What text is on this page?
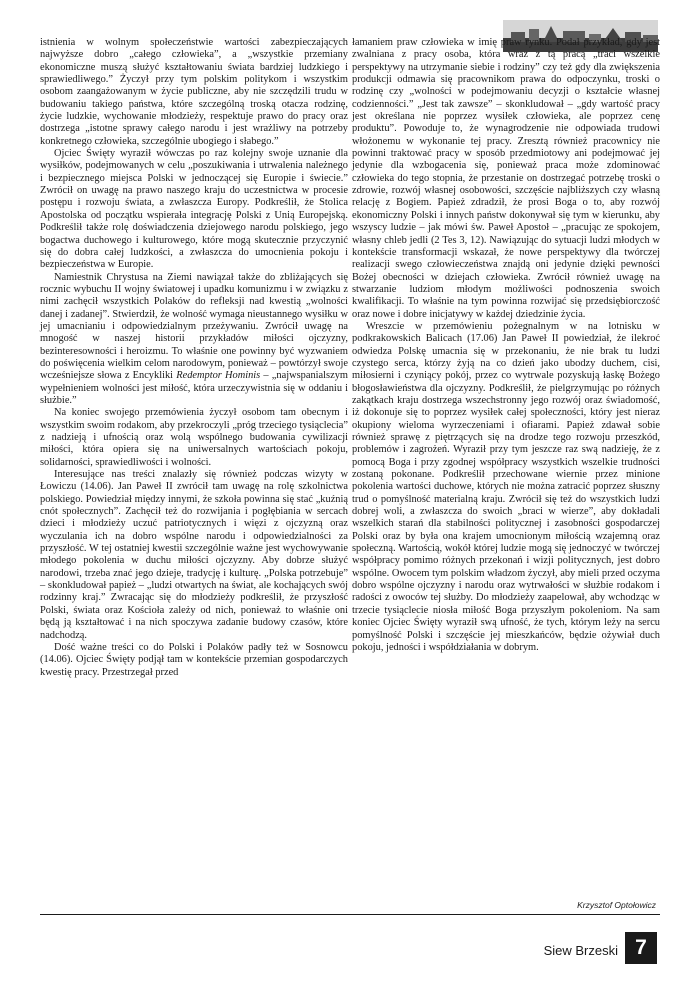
istnienia w wolnym społeczeństwie wartości zabezpieczających najwyższe dobro „całego człowieka”, a „wszystkie przemiany ekonomiczne muszą służyć kształtowaniu świata bardziej ludzkiego i sprawiedliwego.” Życzył przy tym polskim politykom i wszystkim osobom zaangażowanym w życie publiczne, aby nie szczędzili trudu w budowaniu takiego państwa, które szczególną troską otacza rodzinę, życie ludzkie, wychowanie młodzieży, respektuje prawo do pracy oraz dostrzega „istotne sprawy całego narodu i jest wrażliwy na potrzeby konkretnego człowieka, szczególnie ubogiego i słabego.”

Ojciec Święty wyraził wówczas po raz kolejny swoje uznanie dla wysiłków, podejmowanych w celu „poszukiwania i utrwalenia należnego i bezpiecznego miejsca Polski w jednoczącej się Europie i świecie.” Zwrócił on uwagę na prawo naszego kraju do uczestnictwa w procesie postępu i rozwoju świata, a zwłaszcza Europy. Podkreślił, że Stolica Apostolska od początku wspierała integrację Polski z Unią Europejską. Podkreślił także rolę doświadczenia dziejowego narodu polskiego, jego bogactwa duchowego i kulturowego, które mogą skutecznie przyczynić się do dobra całej ludzkości, a zwłaszcza do umocnienia pokoju i bezpieczeństwa w Europie.

Namiestnik Chrystusa na Ziemi nawiązał także do zbliżających się rocznic wybuchu II wojny światowej i upadku komunizmu i w związku z nimi zachęcił wszystkich Polaków do refleksji nad kwestią „wolności danej i zadanej”. Stwierdził, że wolność wymaga nieustannego wysiłku w jej umacnianiu i odpowiedzialnym przeżywaniu. Zwrócił uwagę na mnogość w naszej historii przykładów miłości ojczyzny, bezinteresowności i heroizmu. To właśnie one powinny być wyzwaniem do poświęcenia wielkim celom narodowym, ponieważ – powtórzył swoje wcześniejsze słowa z Encykliki Redemptor Hominis – „najwspanialszym wypełnieniem wolności jest miłość, która urzeczywistnia się w oddaniu i służbie.”

Na koniec swojego przemówienia życzył osobom tam obecnym i wszystkim swoim rodakom, aby przekroczyli „próg trzeciego tysiąclecia” z nadzieją i ufnością oraz wolą wspólnego budowania cywilizacji miłości, która opiera się na uniwersalnych wartościach pokoju, solidarności, sprawiedliwości i wolności.

Interesujące nas treści znalazły się również podczas wizyty w Łowiczu (14.06). Jan Paweł II zwrócił tam uwagę na rolę szkolnictwa polskiego. Powiedział między innymi, że szkoła powinna się stać „kuźnią cnót społecznych”. Zachęcił też do rozwijania i pogłębiania w sercach dzieci i młodzieży uczuć patriotycznych i więzi z ojczyzną oraz wyczulania ich na dobro wspólne narodu i odpowiedzialności za przyszłość. W tej ostatniej kwestii szczególnie ważne jest wychowywanie młodego pokolenia w duchu miłości ojczyzny. Aby dobrze służyć narodowi, trzeba znać jego dzieje, tradycję i kulturę. „Polska potrzebuje” – skonkludował papież – „ludzi otwartych na świat, ale kochających swój rodzinny kraj.” Zwracając się do młodzieży podkreślił, że przyszłość Polski, świata oraz Kościoła zależy od nich, ponieważ to właśnie oni będą ją kształtować i na nich spoczywa zadanie budowy czasów, które nadchodzą.

Dość ważne treści co do Polski i Polaków padły też w Sosnowcu (14.06). Ojciec Święty podjął tam w kontekście przemian gospodarczych kwestię pracy. Przestrzegał przed

łamaniem praw człowieka w imię praw rynku. Podał przykład, gdy jest zwalniana z pracy osoba, która wraz z tą pracą „traci wszelkie perspektywy na utrzymanie siebie i rodziny” czy też gdy dla zwiększenia produkcji odmawia się pracownikom prawa do odpoczynku, troski o rodzinę czy „wolności w podejmowaniu decyzji o kształcie własnej codzienności.” „Jest tak zawsze” – skonkludował – „gdy wartość pracy jest określana nie poprzez wysiłek człowieka, ale poprzez cenę produktu”. Powoduje to, że wynagrodzenie nie odpowiada trudowi włożonemu w wykonanie tej pracy. Zresztą również pracownicy nie powinni traktować pracy w sposób przedmiotowy ani podejmować jej jedynie dla wzbogacenia się, ponieważ praca może zdominować człowieka do tego stopnia, że przestanie on dostrzegać potrzebę troski o zdrowie, rozwój własnej osobowości, szczęście najbliższych czy własną relację z Bogiem. Papież zdradził, że prosi Boga o to, aby rozwój ekonomiczny Polski i innych państw dokonywał się tym w kierunku, aby wszyscy ludzie – jak mówi św. Paweł Apostoł – „pracując ze spokojem, własny chleb jedli (2 Tes 3, 12). Nawiązując do sytuacji ludzi młodych w kontekście transformacji wskazał, że nowe perspektywy dla twórczej realizacji swego człowieczeństwa znajdą oni jedynie dzięki pewności Bożej obecności w dziejach człowieka. Zwrócił również uwagę na stwarzanie ludziom młodym możliwości podnoszenia swoich kwalifikacji. To właśnie na tym powinna rozwijać się przedsiębiorczość oraz nowe i dobre inicjatywy w każdej dziedzinie życia.

Wreszcie w przemówieniu pożegnalnym w na lotnisku w podkrakowskich Balicach (17.06) Jan Paweł II powiedział, że ilekroć odwiedza Polskę umacnia się w przekonaniu, że nie brak tu ludzi czystego serca, którzy żyją na co dzień jako ubodzy duchem, cisi, miłosierni i czyniący pokój, przez co wytrwale pozyskują łaskę Bożego błogosławieństwa dla ojczyzny. Podkreślił, że pielgrzymując po różnych zakątkach kraju dostrzega wszechstronny jego rozwój oraz świadomość, iż dokonuje się to poprzez wysiłek całej społeczności, który jest nieraz okupiony wieloma wyrzeczeniami i ofiarami. Papież zdawał sobie również sprawę z piętrzących się na drodze tego rozwoju przeszkód, problemów i zagrożeń. Wyraził przy tym jeszcze raz swą nadzieję, że z pomocą Boga i przy zgodnej współpracy wszystkich wszelkie trudności zostaną pokonane. Podkreślił przechowane wiernie przez minione pokolenia wartości duchowe, których nie można zatracić poprzez słuszny trud o pomyślność materialną kraju. Zwrócił się też do wszystkich ludzi dobrej woli, a zwłaszcza do swoich „braci w wierze”, aby dokładali wszelkich starań dla stabilności politycznej i zasobności gospodarczej Polski oraz by była ona krajem umocnionym miłością wzajemną oraz społeczną. Wartością, wokół której ludzie mogą się jednoczyć w twórczej współpracy pomimo różnych przekonań i wizji politycznych, jest dobro wspólne. Owocem tym polskim władzom życzył, aby mieli przed oczyma dobro wspólne ojczyzny i narodu oraz wytrwałości w służbie rodakom i radości z owoców tej służby. Do młodzieży zaapelował, aby wchodząc w trzecie tysiąclecie niosła miłość Boga przyszłym pokoleniom. Na sam koniec Ojciec Święty wyraził swą ufność, że tych, którym leży na sercu pomyślność Polski i szczęście jej mieszkańców, będzie ożywiał duch pokoju, jedności i współdziałania w dobrym.

Krzysztof Optołowicz
Siew Brzeski 7
